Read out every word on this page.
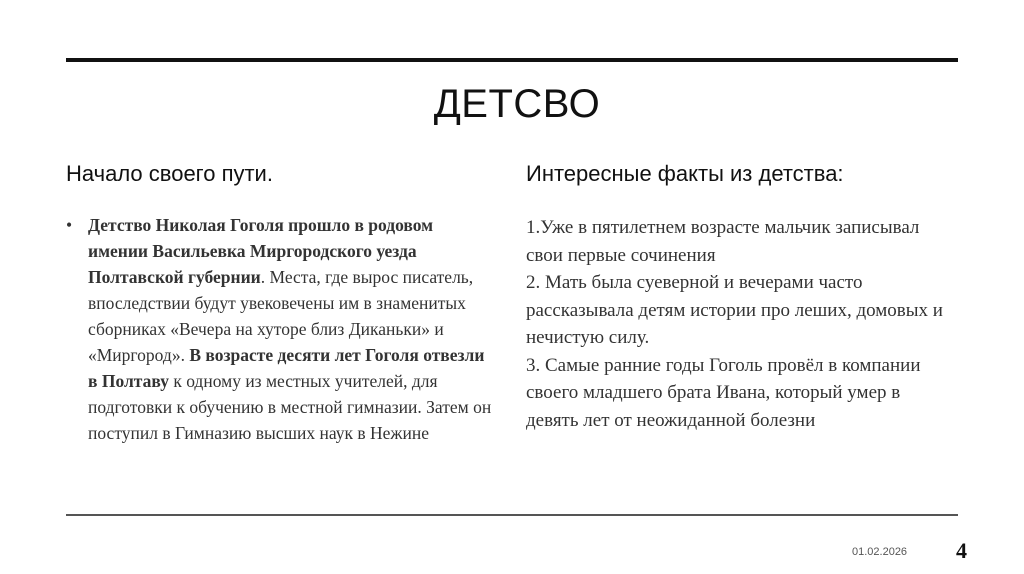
ДЕТСВО
Начало своего пути.	Интересные факты из детства:
• Детство Николая Гоголя прошло в родовом имении Васильевка Миргородского уезда Полтавской губернии. Места, где вырос писатель, впоследствии будут увековечены им в знаменитых сборниках «Вечера на хуторе близ Диканьки» и «Миргород». В возрасте десяти лет Гоголя отвезли в Полтаву к одному из местных учителей, для подготовки к обучению в местной гимназии. Затем он поступил в Гимназию высших наук в Нежине
1.Уже в пятилетнем возрасте мальчик записывал свои первые сочинения
2. Мать была суеверной и вечерами часто рассказывала детям истории про леших, домовых и нечистую силу.
3. Самые ранние годы Гоголь провёл в компании своего младшего брата Ивана, который умер в девять лет от неожиданной болезни
01.02.2026 4
